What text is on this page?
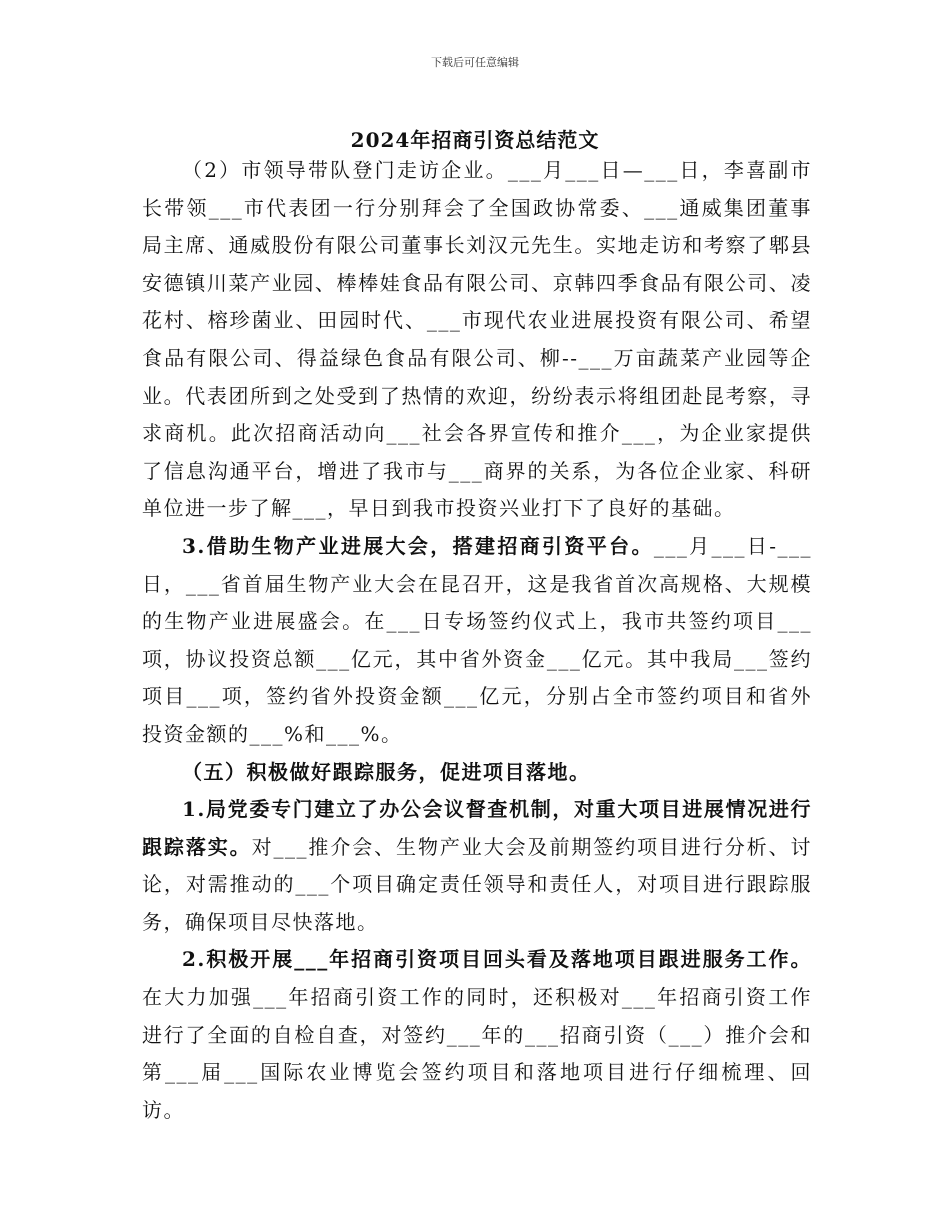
下载后可任意编辑
2024年招商引资总结范文

（2）市领导带队登门走访企业。___月___日—___日，李喜副市长带领___市代表团一行分别拜会了全国政协常委、___通威集团董事局主席、通威股份有限公司董事长刘汉元先生。实地走访和考察了郫县安德镇川菜产业园、棒棒娃食品有限公司、京韩四季食品有限公司、凌花村、榕珍菌业、田园时代、___市现代农业进展投资有限公司、希望食品有限公司、得益绿色食品有限公司、柳--___万亩蔬菜产业园等企业。代表团所到之处受到了热情的欢迎，纷纷表示将组团赴昆考察，寻求商机。此次招商活动向___社会各界宣传和推介___，为企业家提供了信息沟通平台，增进了我市与___商界的关系，为各位企业家、科研单位进一步了解___，早日到我市投资兴业打下了良好的基础。

3.借助生物产业进展大会，搭建招商引资平台。___月___日-___日，___省首届生物产业大会在昆召开，这是我省首次高规格、大规模的生物产业进展盛会。在___日专场签约仪式上，我市共签约项目___项，协议投资总额___亿元，其中省外资金___亿元。其中我局___签约项目___项，签约省外投资金额___亿元，分别占全市签约项目和省外投资金额的___%和___%。

（五）积极做好跟踪服务，促进项目落地。

1.局党委专门建立了办公会议督查机制，对重大项目进展情况进行跟踪落实。对___推介会、生物产业大会及前期签约项目进行分析、讨论，对需推动的___个项目确定责任领导和责任人，对项目进行跟踪服务，确保项目尽快落地。

2.积极开展___年招商引资项目回头看及落地项目跟进服务工作。在大力加强___年招商引资工作的同时，还积极对___年招商引资工作进行了全面的自检自查，对签约___年的___招商引资（___）推介会和第___届___国际农业博览会签约项目和落地项目进行仔细梳理、回访。
